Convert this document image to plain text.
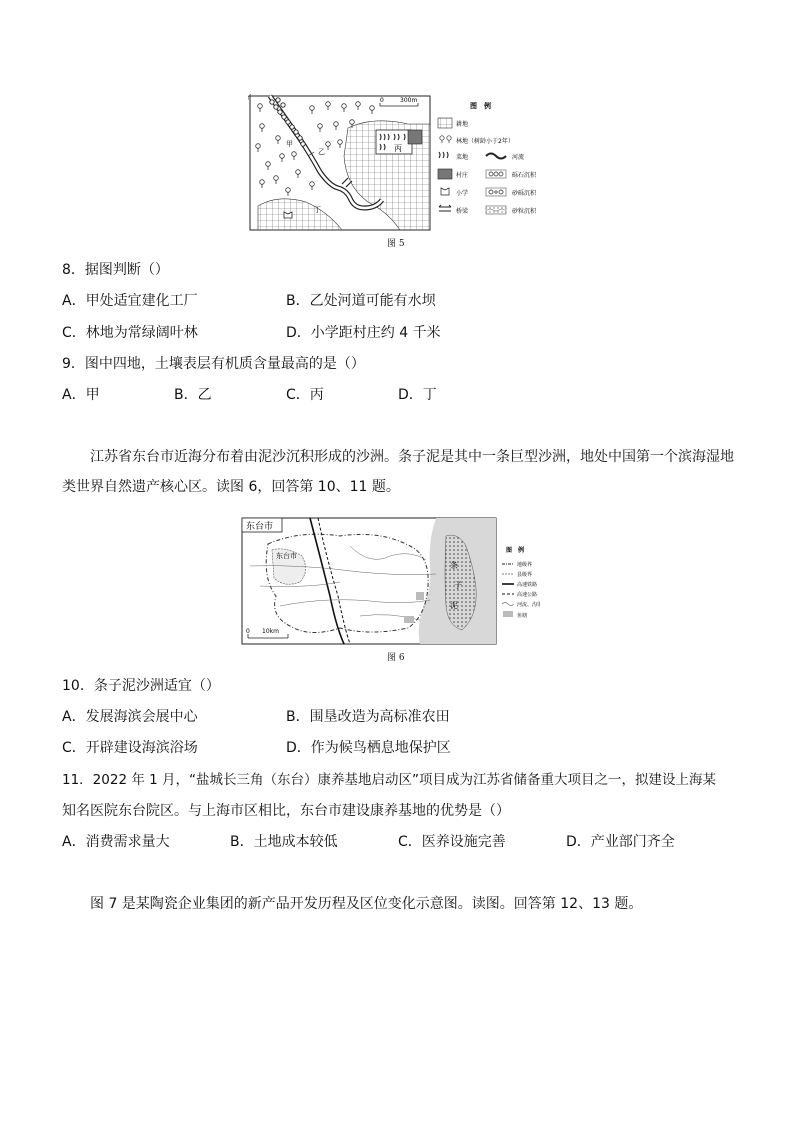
丙
甲
乙
丁
0	300m
图　例
耕地
林地（树龄小于2年）
菜地	河流
村庄	砾石沉积
小学	砂砾沉积
桥梁	砂粒沉积
图 5
8．据图判断（）
A．甲处适宜建化工厂	B．乙处河道可能有水坝
C．林地为常绿阔叶林	D．小学距村庄约 4 千米
9．图中四地，土壤表层有机质含量最高的是（）
A．甲	B．乙	C．丙	D．丁
江苏省东台市近海分布着由泥沙沉积形成的沙洲。条子泥是其中一条巨型沙洲，地处中国第一个滨海湿地类世界自然遗产核心区。读图 6，回答第 10、11 题。
东台市
东台市
条
子
泥
0 10km
图　例
地级界
县级界
高速铁路
高速公路
河流、沟渠
鱼塘
图 6
10．条子泥沙洲适宜（）
A．发展海滨会展中心	B．围垦改造为高标准农田
C．开辟建设海滨浴场	D．作为候鸟栖息地保护区
11．2022 年 1 月，“盐城长三角（东台）康养基地启动区”项目成为江苏省储备重大项目之一，拟建设上海某
知名医院东台院区。与上海市区相比，东台市建设康养基地的优势是（）
A．消费需求量大	B．土地成本较低	C．医养设施完善	D．产业部门齐全
图 7 是某陶瓷企业集团的新产品开发历程及区位变化示意图。读图。回答第 12、13 题。
